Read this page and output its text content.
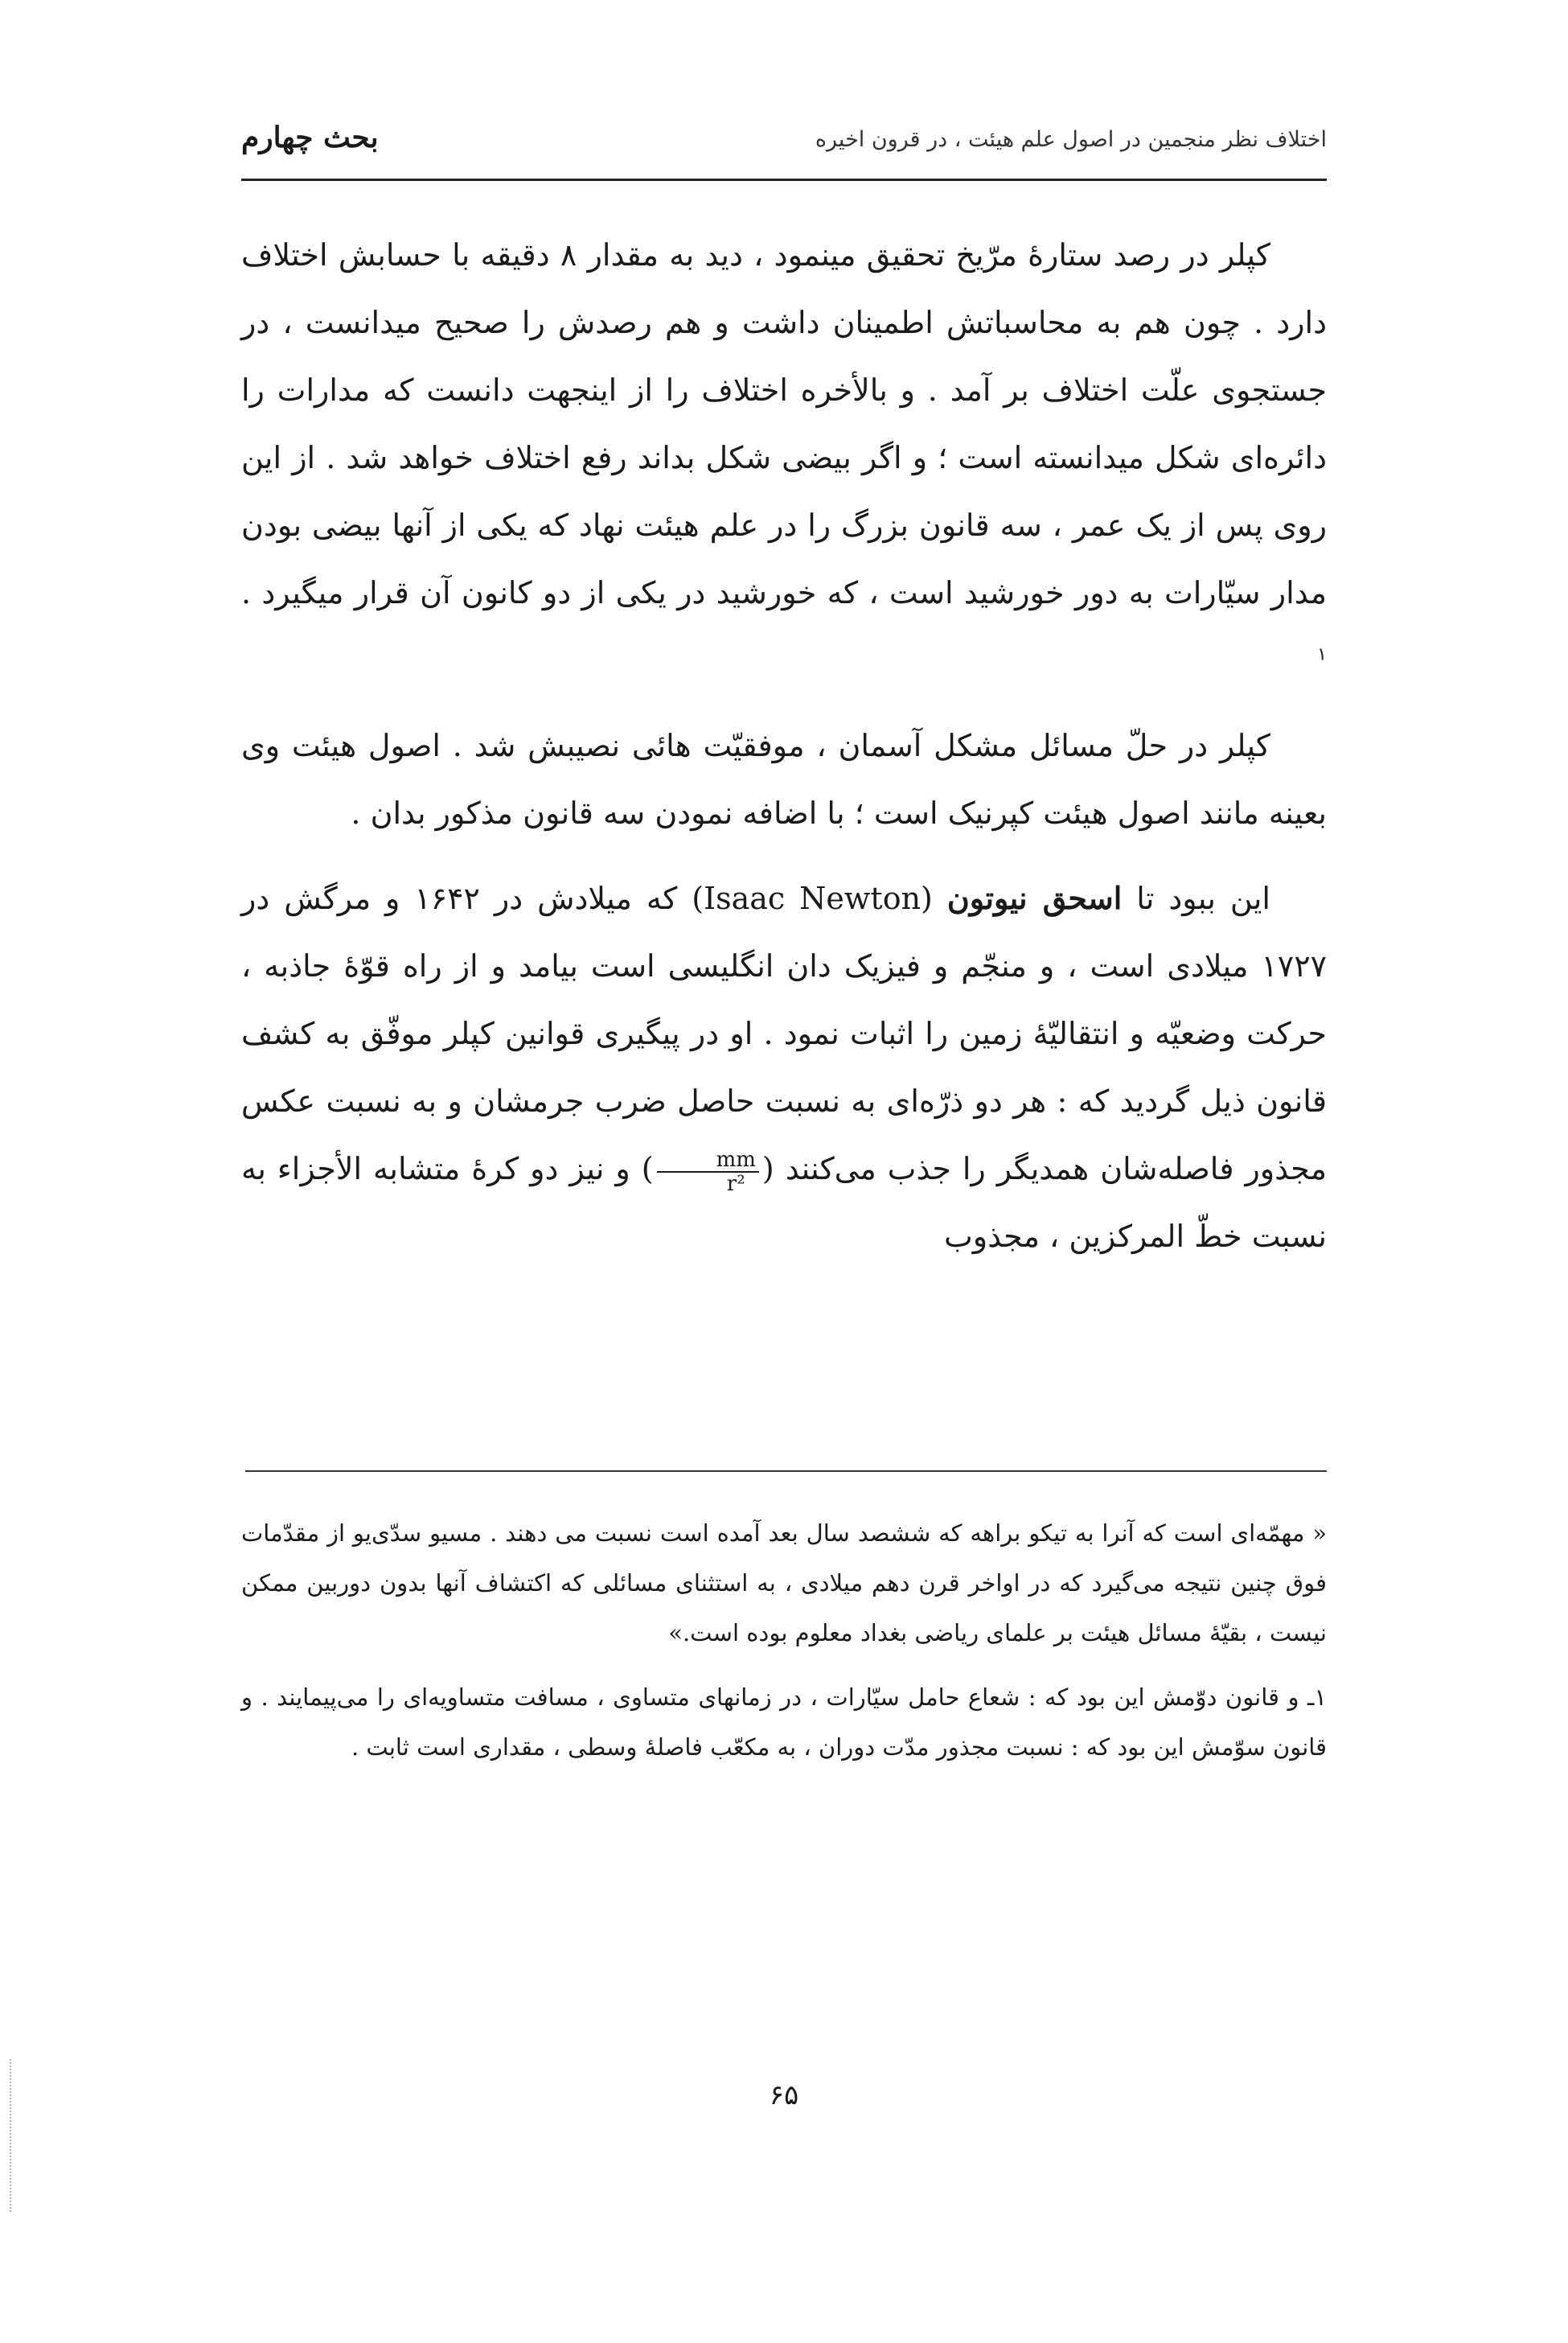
بحث چهارم	اختلاف نظر منجمین در اصول علم هیئت ، در قرون اخیره

کپلر در رصد ستارهٔ مرّیخ تحقیق مینمود ، دید به مقدار ۸ دقیقه با حسابش اختلاف دارد . چون هم به محاسباتش اطمینان داشت و هم رصدش را صحیح میدانست ، در جستجوی علّت اختلاف بر آمد . و بالأخره اختلاف را از اینجهت دانست که مدارات را دائره‌ای شکل میدانسته است ؛ و اگر بیضی شکل بداند رفع اختلاف خواهد شد . از این روی پس از یک عمر ، سه قانون بزرگ را در علم هیئت نهاد که یکی از آنها بیضی بودن مدار سیّارات به دور خورشید است ، که خورشید در یکی از دو کانون آن قرار میگیرد . $^۱$

کپلر در حلّ مسائل مشکل آسمان ، موفقیّت هائی نصیبش شد . اصول هیئت وی بعینه مانند اصول هیئت کپرنیک است ؛ با اضافه نمودن سه قانون مذکور بدان .

این ببود تا اسحق نیوتون (Isaac Newton) که میلادش در ۱۶۴۲ و مرگش در ۱۷۲۷ میلادی است ، و منجّم و فیزیک دان انگلیسی است بیامد و از راه قوّهٔ جاذبه ، حرکت وضعیّه و انتقالیّهٔ زمین را اثبات نمود . او در پیگیری قوانین کپلر موفّق به کشف قانون ذیل گردید که : هر دو ذرّه‌ای به نسبت حاصل ضرب جرمشان و به نسبت عکس مجذور فاصله‌شان همدیگر را جذب می‌کنند ( $\frac{mm}{\text{r²}}$ ) و نیز دو کرهٔ متشابه الأجزاء به نسبت خطّ المرکزین ، مجذوب

« مهمّه‌ای است که آنرا به تیکو براهه که ششصد سال بعد آمده است نسبت می دهند . مسیو سدّی‌یو از مقدّمات فوق چنین نتیجه می‌گیرد که در اواخر قرن دهم میلادی ، به استثنای مسائلی که اکتشاف آنها بدون دوربین ممکن نیست ، بقیّهٔ مسائل هیئت بر علمای ریاضی بغداد معلوم بوده است.»

۱ـ و قانون دوّمش این بود که : شعاع حامل سیّارات ، در زمانهای متساوی ، مسافت متساویه‌ای را می‌پیمایند . و قانون سوّمش این بود که : نسبت مجذور مدّت دوران ، به مکعّب فاصلهٔ وسطی ، مقداری است ثابت .

۶۵
